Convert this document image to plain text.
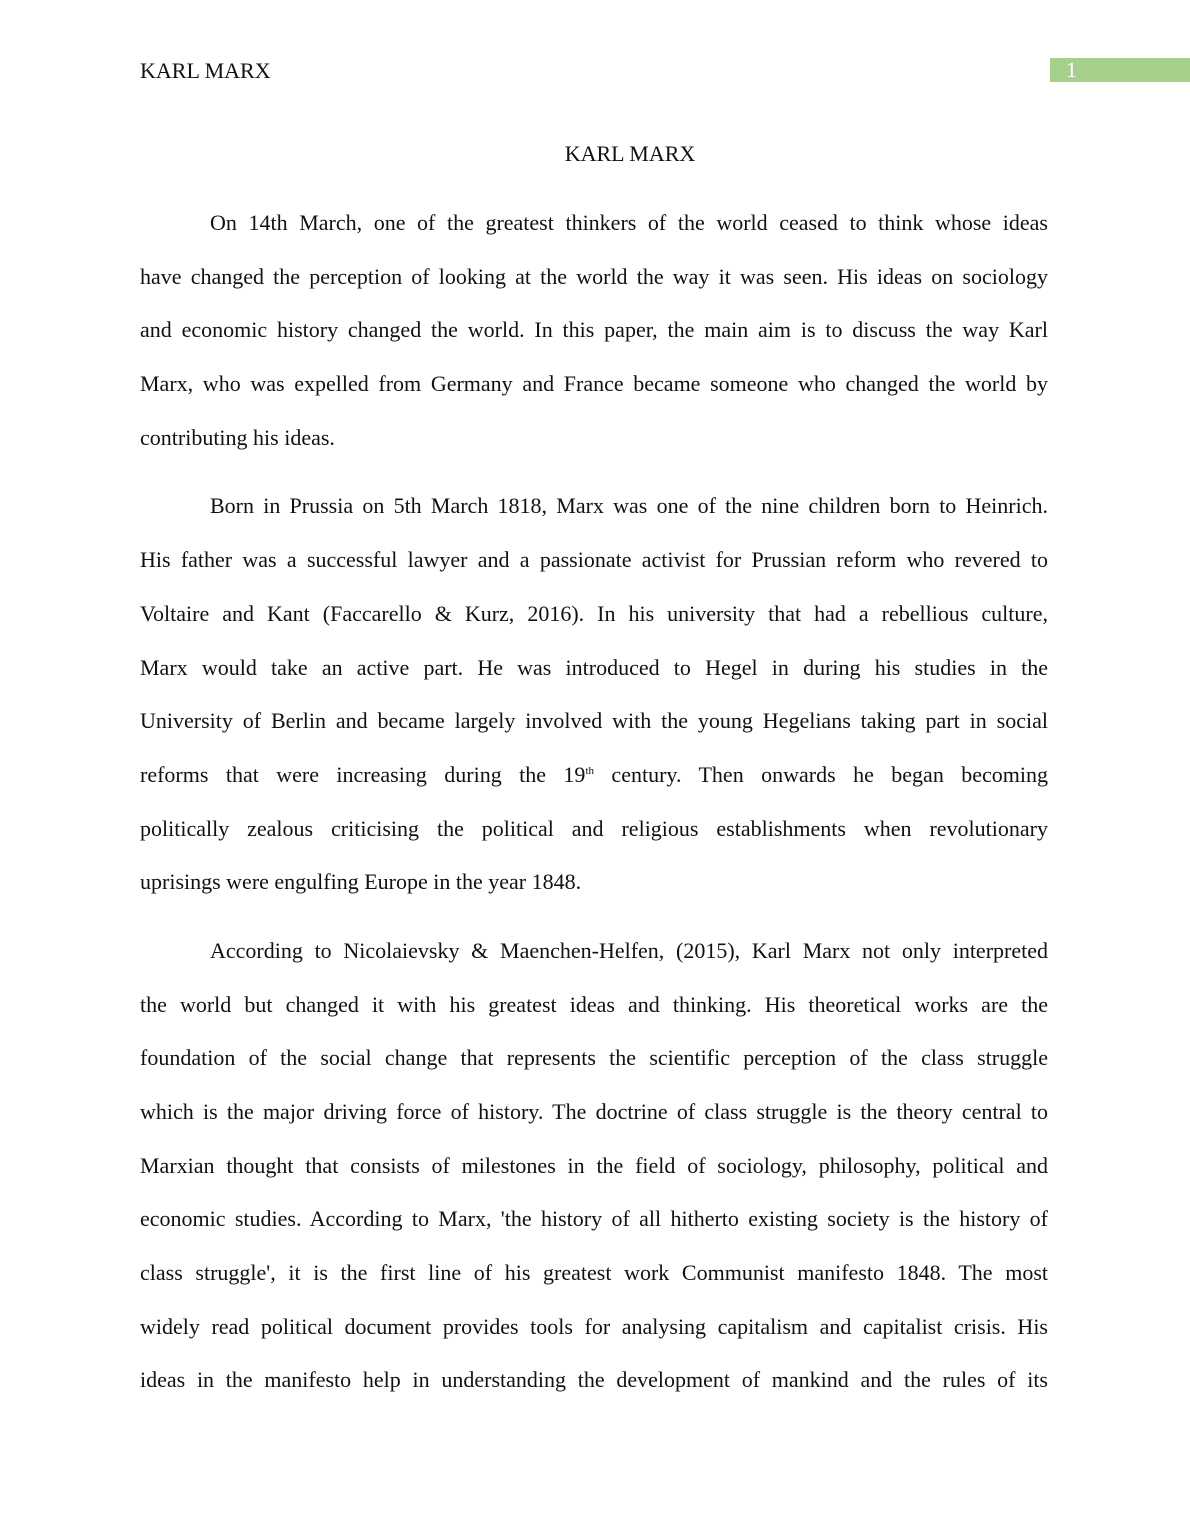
KARL MARX	1
KARL MARX
On 14th March, one of the greatest thinkers of the world ceased to think whose ideas
have changed the perception of looking at the world the way it was seen. His ideas on sociology
and economic history changed the world. In this paper, the main aim is to discuss the way Karl
Marx, who was expelled from Germany and France became someone who changed the world by
contributing his ideas.
Born in Prussia on 5th March 1818, Marx was one of the nine children born to Heinrich.
His father was a successful lawyer and a passionate activist for Prussian reform who revered to
Voltaire and Kant (Faccarello & Kurz, 2016). In his university that had a rebellious culture,
Marx would take an active part. He was introduced to Hegel in during his studies in the
University of Berlin and became largely involved with the young Hegelians taking part in social
reforms that were increasing during the 19th century. Then onwards he began becoming
politically zealous criticising the political and religious establishments when revolutionary
uprisings were engulfing Europe in the year 1848.
According to Nicolaievsky & Maenchen-Helfen, (2015), Karl Marx not only interpreted
the world but changed it with his greatest ideas and thinking. His theoretical works are the
foundation of the social change that represents the scientific perception of the class struggle
which is the major driving force of history. The doctrine of class struggle is the theory central to
Marxian thought that consists of milestones in the field of sociology, philosophy, political and
economic studies. According to Marx, 'the history of all hitherto existing society is the history of
class struggle', it is the first line of his greatest work Communist manifesto 1848. The most
widely read political document provides tools for analysing capitalism and capitalist crisis. His
ideas in the manifesto help in understanding the development of mankind and the rules of its
